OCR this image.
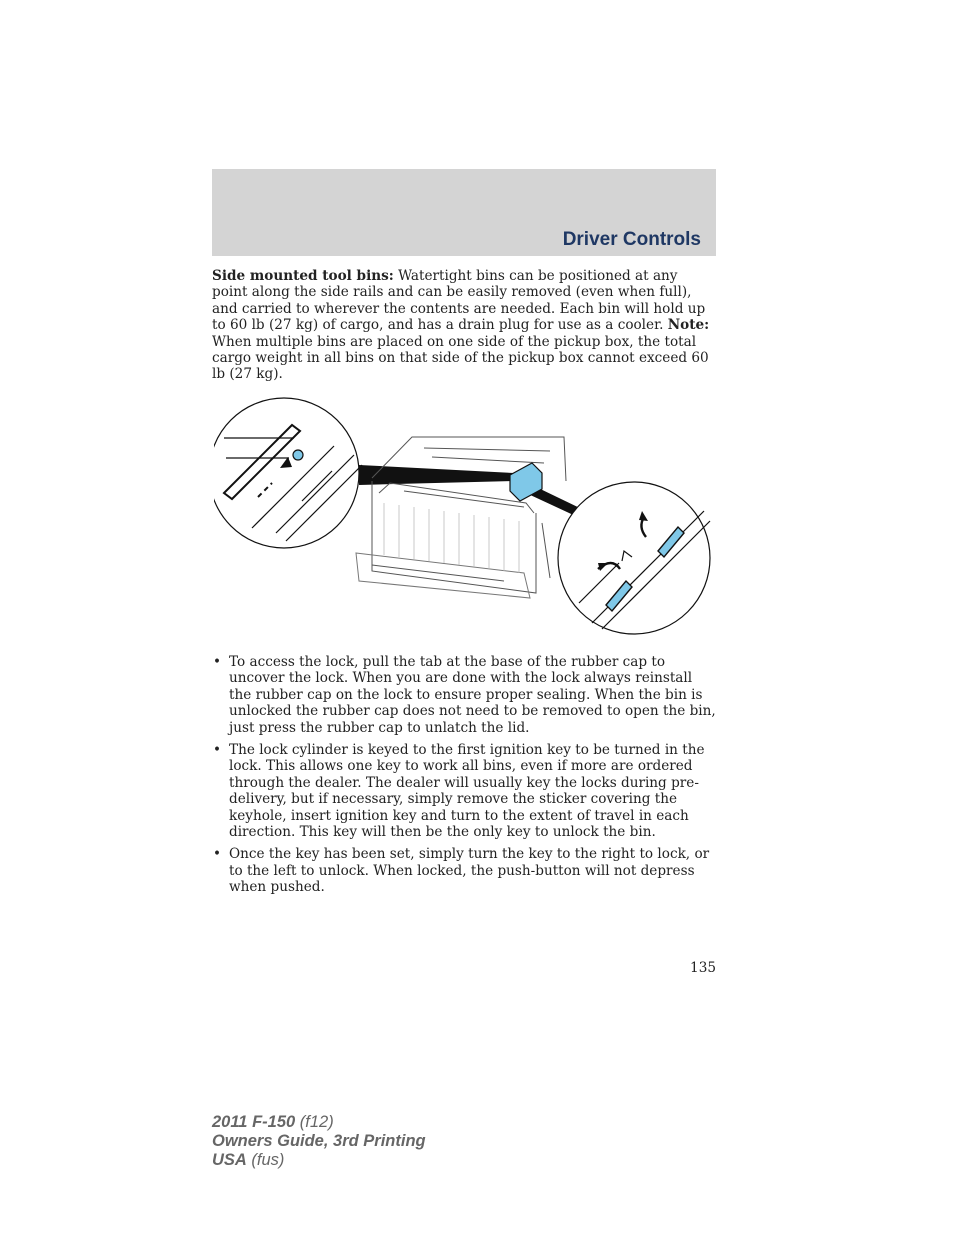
Driver Controls
Side mounted tool bins: Watertight bins can be positioned at any point along the side rails and can be easily removed (even when full), and carried to wherever the contents are needed. Each bin will hold up to 60 lb (27 kg) of cargo, and has a drain plug for use as a cooler. Note: When multiple bins are placed on one side of the pickup box, the total cargo weight in all bins on that side of the pickup box cannot exceed 60 lb (27 kg).
• To access the lock, pull the tab at the base of the rubber cap to uncover the lock. When you are done with the lock always reinstall the rubber cap on the lock to ensure proper sealing. When the bin is unlocked the rubber cap does not need to be removed to open the bin, just press the rubber cap to unlatch the lid.
• The lock cylinder is keyed to the first ignition key to be turned in the lock. This allows one key to work all bins, even if more are ordered through the dealer. The dealer will usually key the locks during pre-delivery, but if necessary, simply remove the sticker covering the keyhole, insert ignition key and turn to the extent of travel in each direction. This key will then be the only key to unlock the bin.
• Once the key has been set, simply turn the key to the right to lock, or to the left to unlock. When locked, the push-button will not depress when pushed.
135
2011 F-150 (f12)
Owners Guide, 3rd Printing
USA (fus)
